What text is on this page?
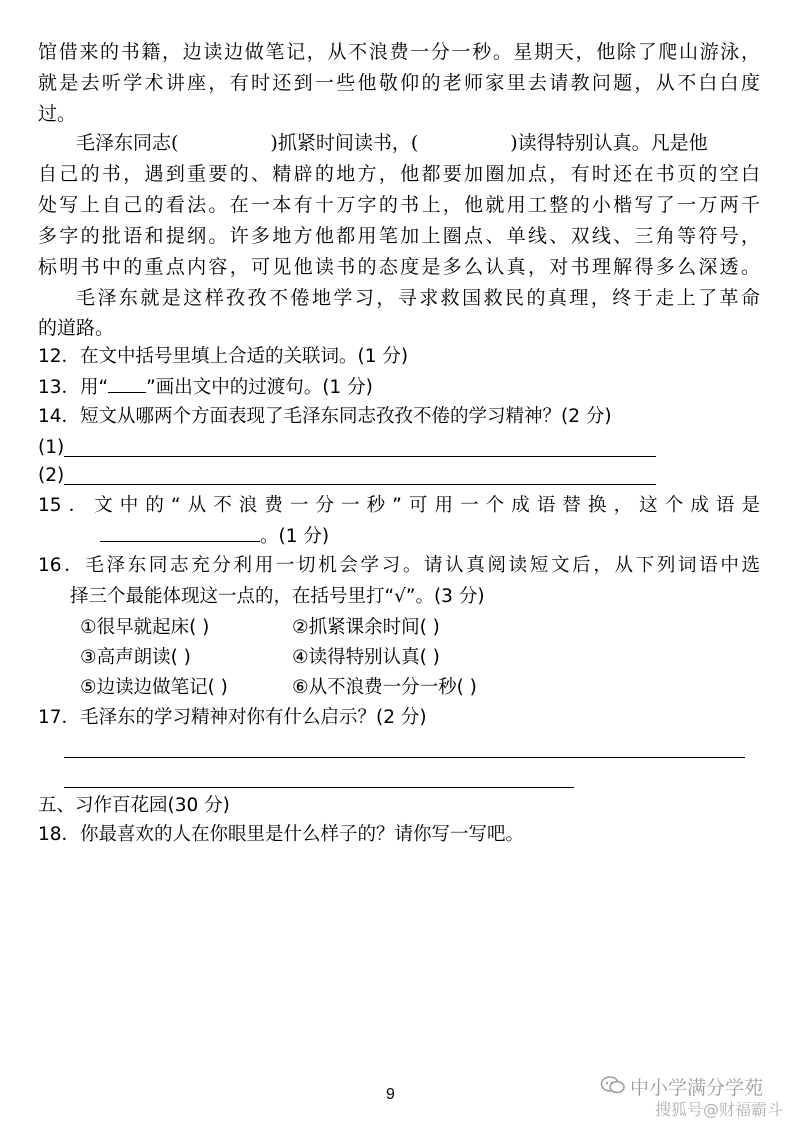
馆借来的书籍，边读边做笔记，从不浪费一分一秒。星期天，他除了爬山游泳，
就是去听学术讲座，有时还到一些他敬仰的老师家里去请教问题，从不白白度
过。
毛泽东同志(	)抓紧时间读书，(	)读得特别认真。凡是他
自己的书，遇到重要的、精辟的地方，他都要加圈加点，有时还在书页的空白
处写上自己的看法。在一本有十万字的书上，他就用工整的小楷写了一万两千
多字的批语和提纲。许多地方他都用笔加上圈点、单线、双线、三角等符号，
标明书中的重点内容，可见他读书的态度是多么认真，对书理解得多么深透。
毛泽东就是这样孜孜不倦地学习，寻求救国救民的真理，终于走上了革命
的道路。
12．在文中括号里填上合适的关联词。(1 分)
13．用“ ”画出文中的过渡句。(1 分)
14．短文从哪两个方面表现了毛泽东同志孜孜不倦的学习精神？(2 分)
(1)
(2)
15．文中的“从不浪费一分一秒”可用一个成语替换，这个成语是
。(1 分)
16．毛泽东同志充分利用一切机会学习。请认真阅读短文后，从下列词语中选
择三个最能体现这一点的，在括号里打“√”。(3 分)
①很早就起床( )	②抓紧课余时间( )
③高声朗读( )	④读得特别认真( )
⑤边读边做笔记( )	⑥从不浪费一分一秒( )
17．毛泽东的学习精神对你有什么启示？(2 分)
五、习作百花园(30 分)
18．你最喜欢的人在你眼里是什么样子的？请你写一写吧。
9	中小学满分学苑
搜狐号@财福霸斗
